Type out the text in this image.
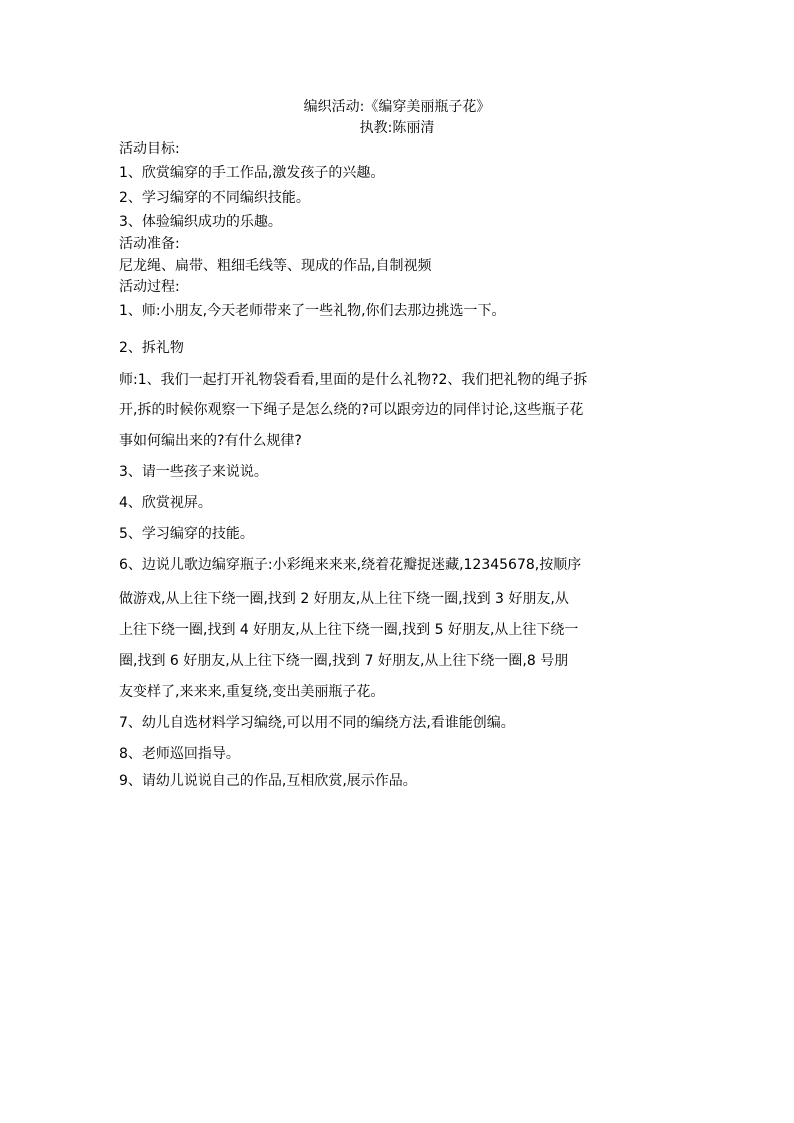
编织活动:《编穿美丽瓶子花》
执教:陈丽清
活动目标:
1、欣赏编穿的手工作品,激发孩子的兴趣。
2、学习编穿的不同编织技能。
3、体验编织成功的乐趣。
活动准备:
尼龙绳、扁带、粗细毛线等、现成的作品,自制视频
活动过程:
1、师:小朋友,今天老师带来了一些礼物,你们去那边挑选一下。
2、拆礼物
师:1、我们一起打开礼物袋看看,里面的是什么礼物?2、我们把礼物的绳子拆
开,拆的时候你观察一下绳子是怎么绕的?可以跟旁边的同伴讨论,这些瓶子花
事如何编出来的?有什么规律?
3、请一些孩子来说说。
4、欣赏视屏。
5、学习编穿的技能。
6、边说儿歌边编穿瓶子:小彩绳来来来,绕着花瓣捉迷藏,12345678,按顺序
做游戏,从上往下绕一圈,找到 2 好朋友,从上往下绕一圈,找到 3 好朋友,从
上往下绕一圈,找到 4 好朋友,从上往下绕一圈,找到 5 好朋友,从上往下绕一
圈,找到 6 好朋友,从上往下绕一圈,找到 7 好朋友,从上往下绕一圈,8 号朋
友变样了,来来来,重复绕,变出美丽瓶子花。
7、幼儿自选材料学习编绕,可以用不同的编绕方法,看谁能创编。
8、老师巡回指导。
9、请幼儿说说自己的作品,互相欣赏,展示作品。
